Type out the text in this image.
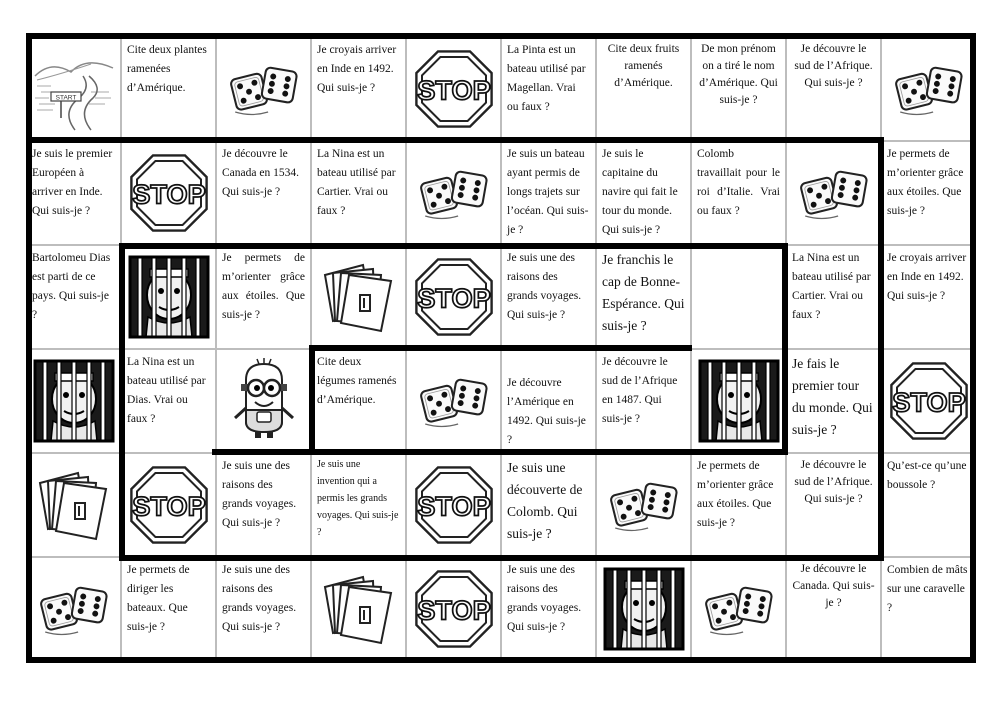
START
Cite deux plantes ramenées d’Amérique.
Je croyais arriver en Inde en 1492. Qui suis-je ?	STOP
La Pinta est un bateau utilisé par Magellan. Vrai ou faux ?
Cite deux fruits ramenés d’Amérique.
De mon prénom on a tiré le nom d’Amérique. Qui suis-je ?
Je découvre le sud de l’Afrique. Qui suis-je ?
Je suis le premier Européen à arriver en Inde. Qui suis-je ?
STOP
Je découvre le Canada en 1534. Qui suis-je ?
La Nina est un bateau utilisé par Cartier. Vrai ou faux ?
Je suis un bateau ayant permis de longs trajets sur l’océan. Qui suis-je ?
Je suis le capitaine du navire qui fait le tour du monde. Qui suis-je ?
Colomb travaillait pour le roi d’Italie. Vrai ou faux ?
Je permets de m’orienter grâce aux étoiles. Que suis-je ?
Bartolomeu Dias est parti de ce pays. Qui suis-je ?
Je permets de m’orienter grâce aux étoiles. Que suis-je ?
STOP
Je suis une des raisons des grands voyages. Qui suis-je ?
Je franchis le cap de Bonne-Espérance. Qui suis-je ?
La Nina est un bateau utilisé par Cartier. Vrai ou faux ?
Je croyais arriver en Inde en 1492. Qui suis-je ?
La Nina est un bateau utilisé par Dias. Vrai ou faux ?
Cite deux légumes ramenés d’Amérique.
Je découvre l’Amérique en 1492. Qui suis-je ?
Je découvre le sud de l’Afrique en 1487. Qui suis-je ?
Je fais le premier tour du monde. Qui suis-je ?
STOP
STOP
Je suis une des raisons des grands voyages. Qui suis-je ?
Je suis une invention qui a permis les grands voyages. Qui suis-je ?
STOP
Je suis une découverte de Colomb. Qui suis-je ?
Je permets de m’orienter grâce aux étoiles. Que suis-je ?
Je découvre le sud de l’Afrique. Qui suis-je ?
Qu’est-ce qu’une boussole ?
Je permets de diriger les bateaux. Que suis-je ?
Je suis une des raisons des grands voyages. Qui suis-je ?
STOP
Je suis une des raisons des grands voyages. Qui suis-je ?
Je découvre le Canada. Qui suis-je ?
Combien de mâts sur une caravelle ?
